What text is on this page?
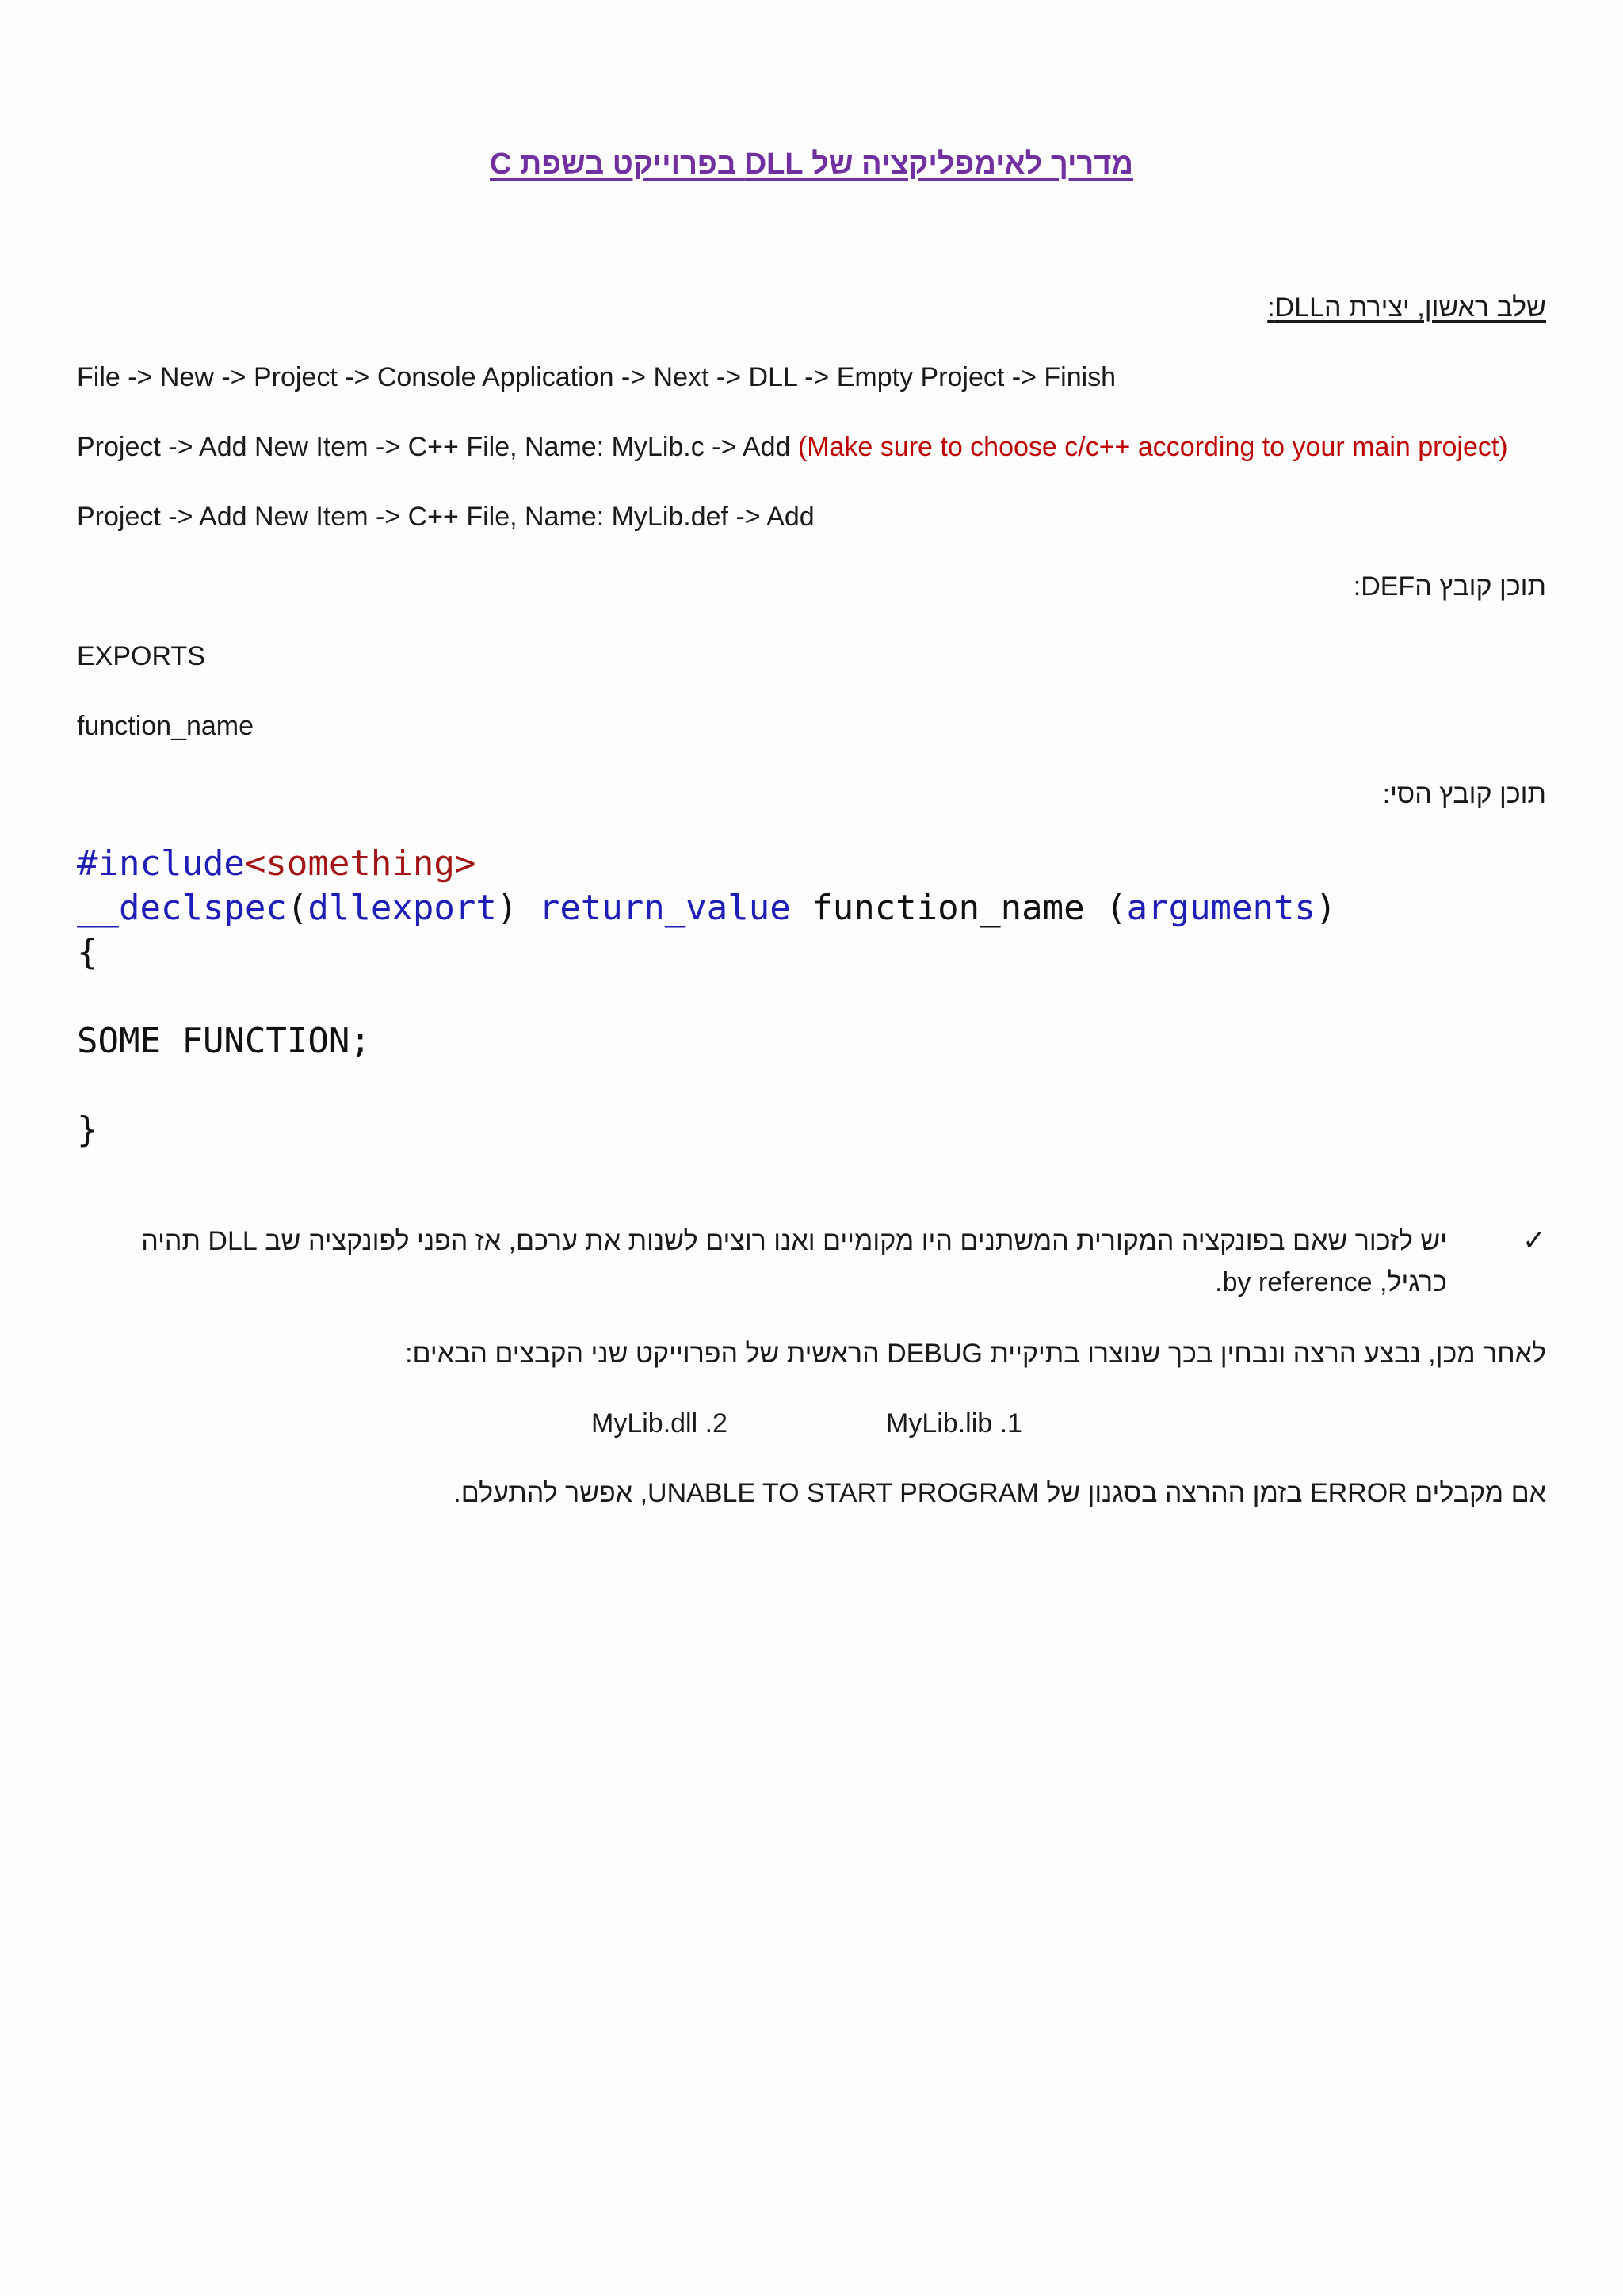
מדריך לאימפליקציה של DLL בפרוייקט בשפת C
שלב ראשון, יצירת הDLL:
File -> New -> Project -> Console Application -> Next -> DLL -> Empty Project -> Finish
Project -> Add New Item -> C++ File, Name: MyLib.c -> Add (Make sure to choose c/c++ according to your main project)
Project -> Add New Item -> C++ File, Name: MyLib.def -> Add
תוכן קובץ הDEF:
EXPORTS
function_name
תוכן קובץ הסי:
#include<something>
__declspec(dllexport) return_value function_name (arguments)
{
SOME FUNCTION;
}
✓
יש לזכור שאם בפונקציה המקורית המשתנים היו מקומיים ואנו רוצים לשנות את ערכם, אז הפני לפונקציה שב DLL תהיה
כרגיל, by reference.
לאחר מכן, נבצע הרצה ונבחין בכך שנוצרו בתיקיית DEBUG הראשית של הפרוייקט שני הקבצים הבאים:
MyLib.lib .1
MyLib.dll .2
אם מקבלים ERROR בזמן ההרצה בסגנון של UNABLE TO START PROGRAM, אפשר להתעלם.
